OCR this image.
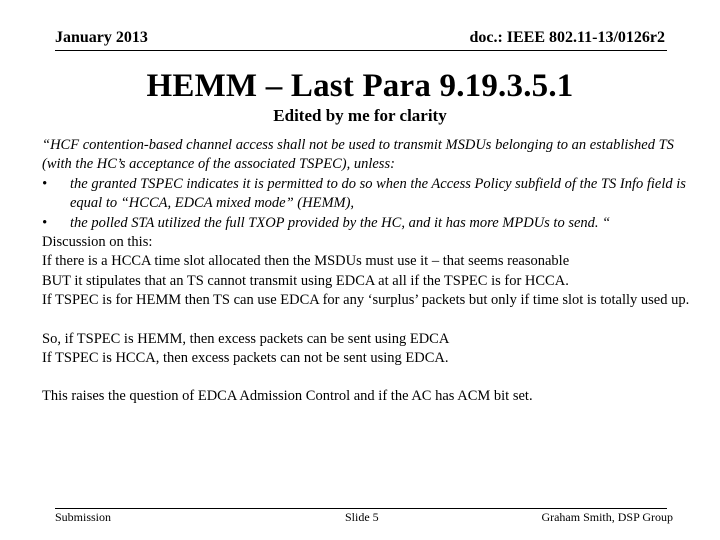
January 2013	doc.: IEEE 802.11-13/0126r2
HEMM – Last Para 9.19.3.5.1
Edited by me for clarity

“HCF contention-based channel access shall not be used to transmit MSDUs belonging to an established TS (with the HC’s acceptance of the associated TSPEC), unless:

• the granted TSPEC indicates it is permitted to do so when the Access Policy subfield of the TS Info field is equal to “HCCA, EDCA mixed mode” (HEMM),

• the polled STA utilized the full TXOP provided by the HC, and it has more MPDUs to send. “

Discussion on this:

If there is a HCCA time slot allocated then the MSDUs must use it – that seems reasonable

BUT it stipulates that an TS cannot transmit using EDCA at all if the TSPEC is for HCCA.

If TSPEC is for HEMM then TS can use EDCA for any ‘surplus’ packets but only if time slot is totally used up.

So, if TSPEC is HEMM, then excess packets can be sent using EDCA

If TSPEC is HCCA, then excess packets can not be sent using EDCA.

This raises the question of EDCA Admission Control and if the AC has ACM bit set.

Submission	Slide 5	Graham Smith, DSP Group
